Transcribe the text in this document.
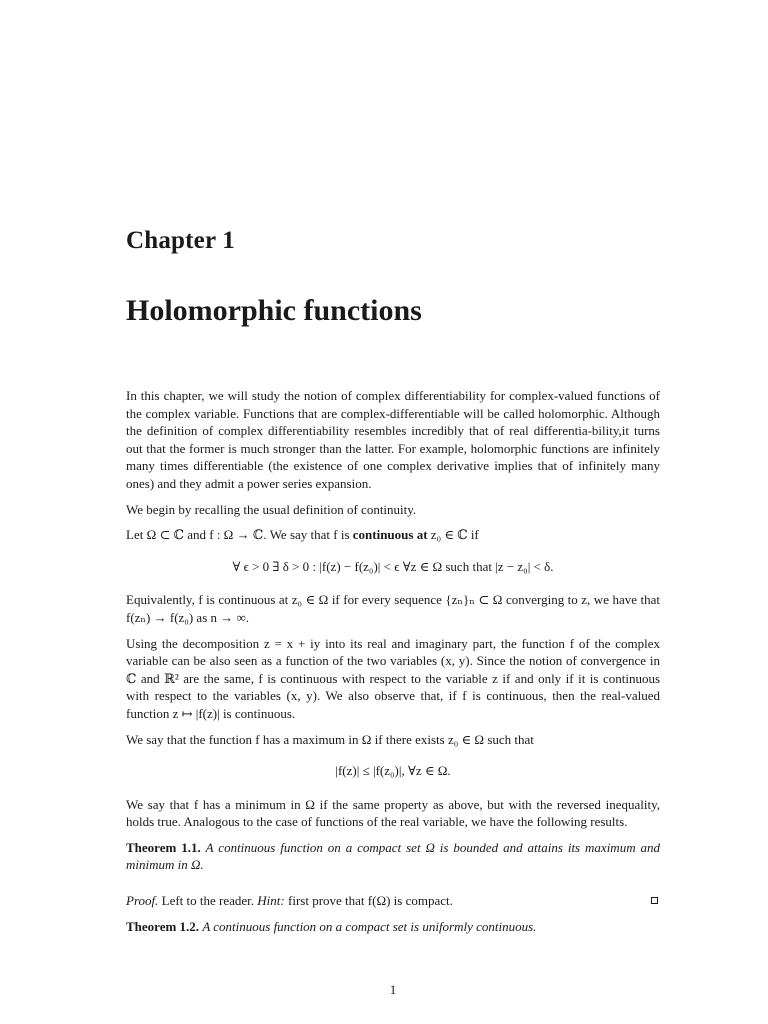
Chapter 1
Holomorphic functions

In this chapter, we will study the notion of complex differentiability for complex-valued functions of the complex variable. Functions that are complex-differentiable will be called holomorphic. Although the definition of complex differentiability resembles incredibly that of real differentia-bility,it turns out that the former is much stronger than the latter. For example, holomorphic functions are infinitely many times differentiable (the existence of one complex derivative implies that of infinitely many ones) and they admit a power series expansion.

We begin by recalling the usual definition of continuity.

Let Ω ⊂ ℂ and f : Ω → ℂ. We say that f is continuous at z₀ ∈ ℂ if

∀ ϵ > 0 ∃ δ > 0 : |f(z) − f(z₀)| < ϵ ∀z ∈ Ω such that |z − z₀| < δ.

Equivalently, f is continuous at z₀ ∈ Ω if for every sequence {zₙ}ₙ ⊂ Ω converging to z, we have that f(zₙ) → f(z₀) as n → ∞.

Using the decomposition z = x + iy into its real and imaginary part, the function f of the complex variable can be also seen as a function of the two variables (x, y). Since the notion of convergence in ℂ and ℝ² are the same, f is continuous with respect to the variable z if and only if it is continuous with respect to the variables (x, y). We also observe that, if f is continuous, then the real-valued function z ↦ |f(z)| is continuous.

We say that the function f has a maximum in Ω if there exists z₀ ∈ Ω such that

|f(z)| ≤ |f(z₀)|, ∀z ∈ Ω.

We say that f has a minimum in Ω if the same property as above, but with the reversed inequality, holds true. Analogous to the case of functions of the real variable, we have the following results.

Theorem 1.1. A continuous function on a compact set Ω is bounded and attains its maximum and minimum in Ω.

Proof. Left to the reader. Hint: first prove that f(Ω) is compact.

Theorem 1.2. A continuous function on a compact set is uniformly continuous.

1
